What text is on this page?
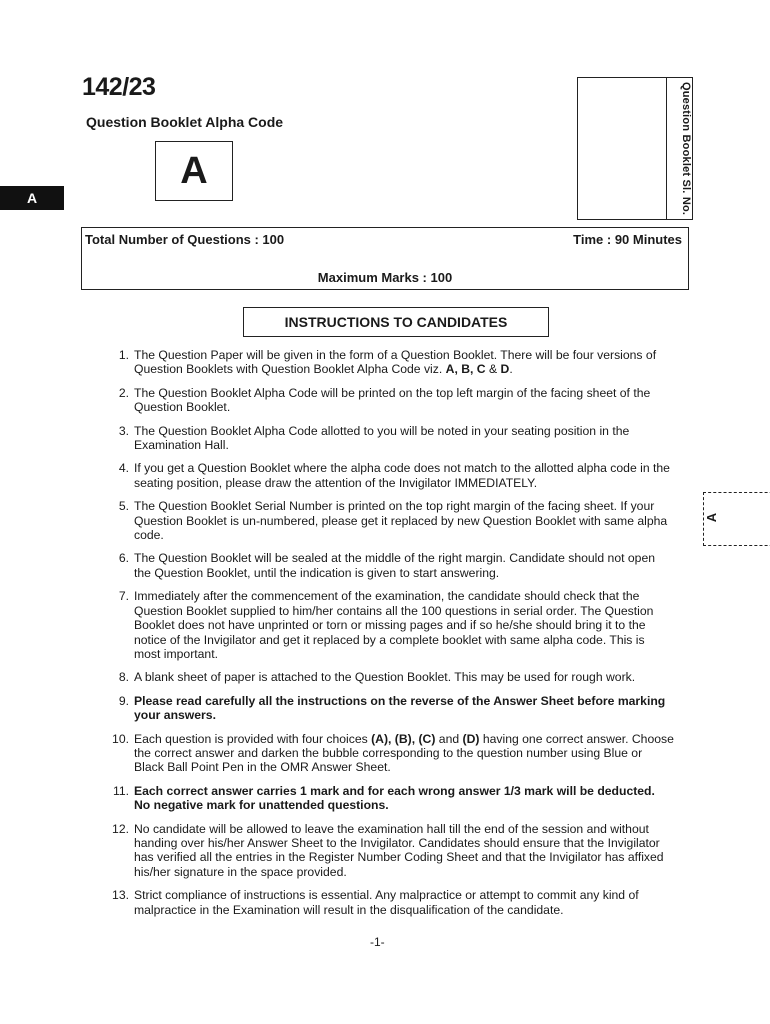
142/23
Question Booklet Alpha Code
A
A	Question Booklet Sl. No.
Total Number of Questions : 100	Time : 90 Minutes
Maximum Marks : 100
INSTRUCTIONS TO CANDIDATES
1. The Question Paper will be given in the form of a Question Booklet. There will be four versions of Question Booklets with Question Booklet Alpha Code viz. A, B, C & D.
2. The Question Booklet Alpha Code will be printed on the top left margin of the facing sheet of the Question Booklet.
3. The Question Booklet Alpha Code allotted to you will be noted in your seating position in the Examination Hall.
4. If you get a Question Booklet where the alpha code does not match to the allotted alpha code in the seating position, please draw the attention of the Invigilator IMMEDIATELY.
5. The Question Booklet Serial Number is printed on the top right margin of the facing sheet. If your Question Booklet is un-numbered, please get it replaced by new Question Booklet with same alpha code.
6. The Question Booklet will be sealed at the middle of the right margin. Candidate should not open the Question Booklet, until the indication is given to start answering.
7. Immediately after the commencement of the examination, the candidate should check that the Question Booklet supplied to him/her contains all the 100 questions in serial order. The Question Booklet does not have unprinted or torn or missing pages and if so he/she should bring it to the notice of the Invigilator and get it replaced by a complete booklet with same alpha code. This is most important.
8. A blank sheet of paper is attached to the Question Booklet. This may be used for rough work.
9. Please read carefully all the instructions on the reverse of the Answer Sheet before marking your answers.
10. Each question is provided with four choices (A), (B), (C) and (D) having one correct answer. Choose the correct answer and darken the bubble corresponding to the question number using Blue or Black Ball Point Pen in the OMR Answer Sheet.
11. Each correct answer carries 1 mark and for each wrong answer 1/3 mark will be deducted. No negative mark for unattended questions.
12. No candidate will be allowed to leave the examination hall till the end of the session and without handing over his/her Answer Sheet to the Invigilator. Candidates should ensure that the Invigilator has verified all the entries in the Register Number Coding Sheet and that the Invigilator has affixed his/her signature in the space provided.
13. Strict compliance of instructions is essential. Any malpractice or attempt to commit any kind of malpractice in the Examination will result in the disqualification of the candidate.
A
-1-
